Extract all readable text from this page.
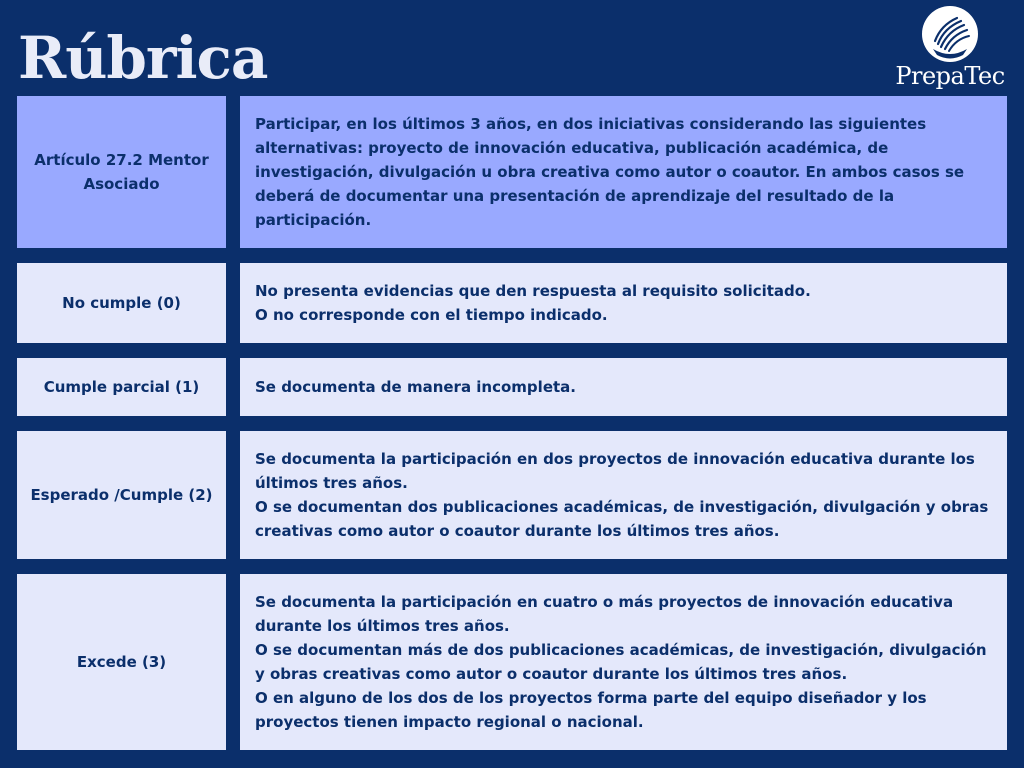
Rúbrica	PrepaTec
Artículo 27.2 Mentor Asociado
Participar, en los últimos 3 años, en dos iniciativas considerando las siguientes alternativas: proyecto de innovación educativa, publicación académica, de investigación, divulgación u obra creativa como autor o coautor. En ambos casos se deberá de documentar una presentación de aprendizaje del resultado de la participación.
No cumple (0)
No presenta evidencias que den respuesta al requisito solicitado.
O no corresponde con el tiempo indicado.
Cumple parcial (1)	Se documenta de manera incompleta.
Esperado /Cumple (2)
Se documenta la participación en dos proyectos de innovación educativa durante los últimos tres años.
O se documentan dos publicaciones académicas, de investigación, divulgación y obras creativas como autor o coautor durante los últimos tres años.
Excede (3)
Se documenta la participación en cuatro o más proyectos de innovación educativa durante los últimos tres años.
O se documentan más de dos publicaciones académicas, de investigación, divulgación y obras creativas como autor o coautor durante los últimos tres años.
O en alguno de los dos de los proyectos forma parte del equipo diseñador y los proyectos tienen impacto regional o nacional.
